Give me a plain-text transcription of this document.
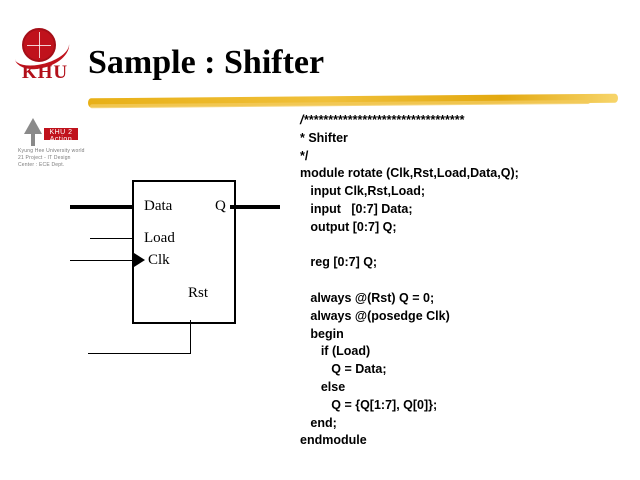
KHU Sample : Shifter
KHU 2 Action
Kyung Hee University world 21 Project - IT Design Center : ECE Dept.
Data	Q
Load
Clk
Rst
/*********************************
* Shifter
*/
module rotate (Clk,Rst,Load,Data,Q);
input Clk,Rst,Load;
input   [0:7] Data;
output [0:7] Q;

reg [0:7] Q;

always @(Rst) Q = 0;
always @(posedge Clk)
begin
if (Load)
Q = Data;
else
Q = {Q[1:7], Q[0]};
end;
endmodule
